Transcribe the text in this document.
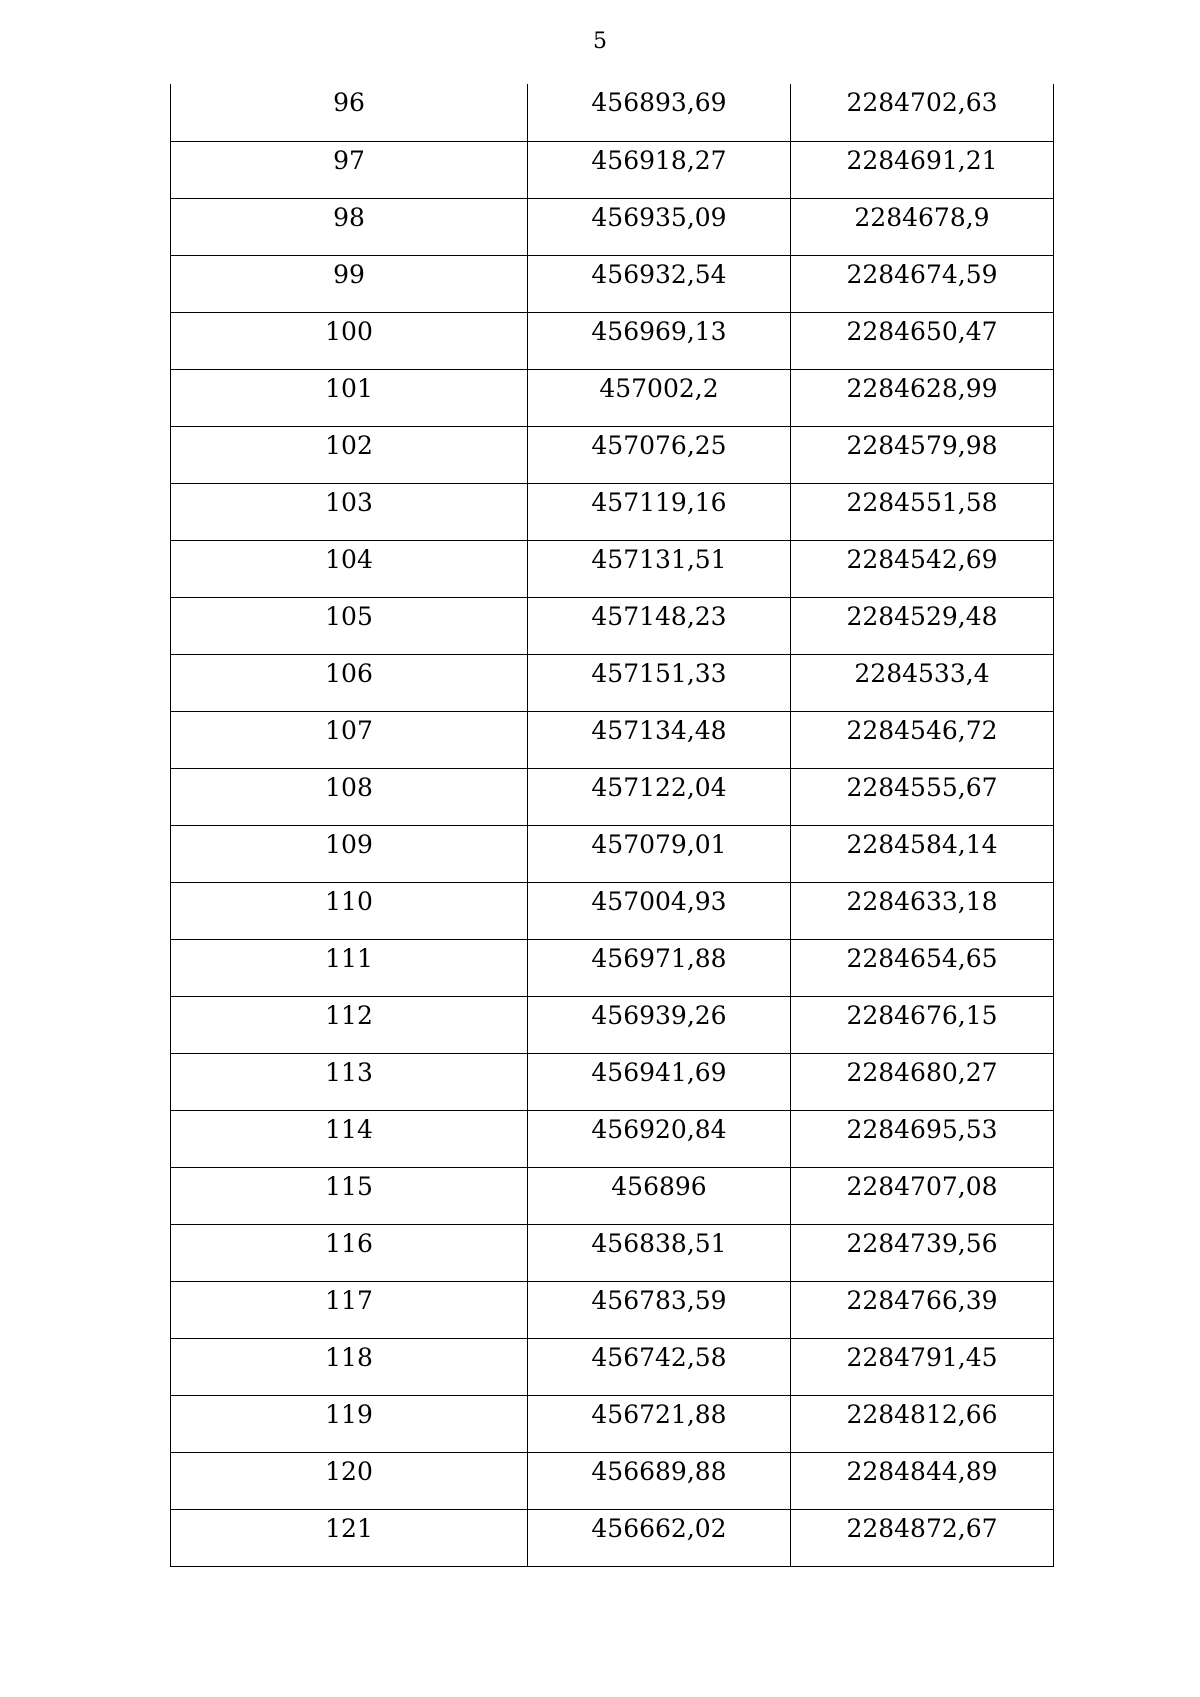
5
96	456893,69	2284702,63
97	456918,27	2284691,21
98	456935,09	2284678,9
99	456932,54	2284674,59
100	456969,13	2284650,47
101	457002,2	2284628,99
102	457076,25	2284579,98
103	457119,16	2284551,58
104	457131,51	2284542,69
105	457148,23	2284529,48
106	457151,33	2284533,4
107	457134,48	2284546,72
108	457122,04	2284555,67
109	457079,01	2284584,14
110	457004,93	2284633,18
111	456971,88	2284654,65
112	456939,26	2284676,15
113	456941,69	2284680,27
114	456920,84	2284695,53
115	456896	2284707,08
116	456838,51	2284739,56
117	456783,59	2284766,39
118	456742,58	2284791,45
119	456721,88	2284812,66
120	456689,88	2284844,89
121	456662,02	2284872,67
